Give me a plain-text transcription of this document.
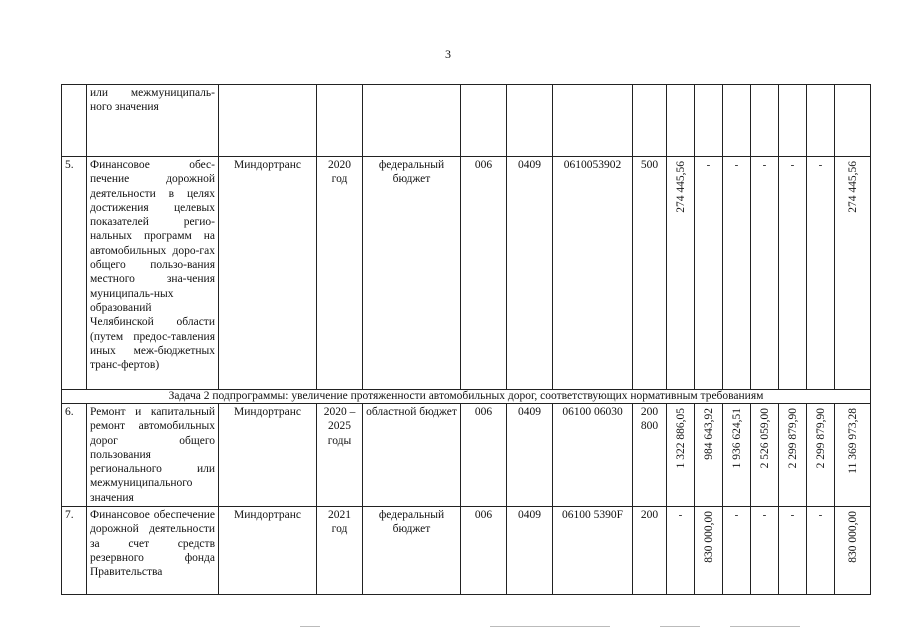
3
	или межмуниципаль-ного значения														
5.	Финансовое обес-печение дорожной деятельности в целях достижения целевых показателей регио-нальных программ на автомобильных доро-гах общего пользо-вания местного зна-чения муниципаль-ных образований Челябинской области (путем предос-тавления иных меж-бюджетных транс-фертов)	Миндортранс	2020 год	федеральный бюджет	006	0409	0610053902	500	274 445,56	-	-	-	-	-	274 445,56

Задача 2 подпрограммы: увеличение протяженности автомобильных дорог, соответствующих нормативным требованиям															
6.	Ремонт и капитальный ремонт автомобильных дорог общего пользования регионального или межмуниципального значения	Миндортранс	2020 – 2025 годы	областной бюджет	006	0409	06100 06030	200 800	1 322 886,05	984 643,92	1 936 624,51	2 526 059,00	2 299 879,90	2 299 879,90	11 369 973,28

7.	Финансовое обеспечение дорожной деятельности за счет средств резервного фонда Правительства	Миндортранс	2021 год	федеральный бюджет	006	0409	06100 5390F	200	-	830 000,00	-	-	-	-	830 000,00
